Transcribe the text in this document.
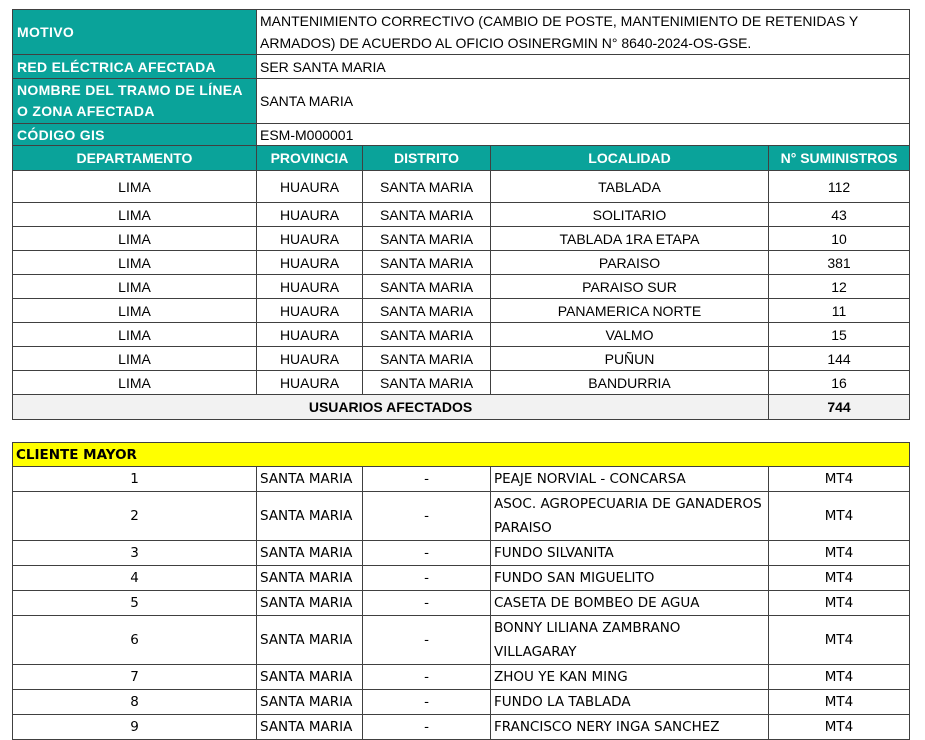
MOTIVO	MANTENIMIENTO CORRECTIVO (CAMBIO DE POSTE, MANTENIMIENTO DE RETENIDAS Y ARMADOS) DE ACUERDO AL OFICIO OSINERGMIN N° 8640-2024-OS-GSE.			
RED ELÉCTRICA AFECTADA	SER SANTA MARIA			
NOMBRE DEL TRAMO DE LÍNEA O ZONA AFECTADA	SANTA MARIA			
CÓDIGO GIS	ESM-M000001			
DEPARTAMENTO	PROVINCIA	DISTRITO	LOCALIDAD	N° SUMINISTROS
LIMA	HUAURA	SANTA MARIA	TABLADA	112
LIMA	HUAURA	SANTA MARIA	SOLITARIO	43
LIMA	HUAURA	SANTA MARIA	TABLADA 1RA ETAPA	10
LIMA	HUAURA	SANTA MARIA	PARAISO	381
LIMA	HUAURA	SANTA MARIA	PARAISO SUR	12
LIMA	HUAURA	SANTA MARIA	PANAMERICA NORTE	11
LIMA	HUAURA	SANTA MARIA	VALMO	15
LIMA	HUAURA	SANTA MARIA	PUÑUN	144
LIMA	HUAURA	SANTA MARIA	BANDURRIA	16
USUARIOS AFECTADOS				744
CLIENTE MAYOR				
1	SANTA MARIA	-	PEAJE NORVIAL - CONCARSA	MT4
2	SANTA MARIA	-	ASOC. AGROPECUARIA DE GANADEROS PARAISO	MT4
3	SANTA MARIA	-	FUNDO SILVANITA	MT4
4	SANTA MARIA	-	FUNDO SAN MIGUELITO	MT4
5	SANTA MARIA	-	CASETA DE BOMBEO DE AGUA	MT4
6	SANTA MARIA	-	BONNY LILIANA ZAMBRANO VILLAGARAY	MT4
7	SANTA MARIA	-	ZHOU YE KAN MING	MT4
8	SANTA MARIA	-	FUNDO LA TABLADA	MT4
9	SANTA MARIA	-	FRANCISCO NERY INGA SANCHEZ	MT4
